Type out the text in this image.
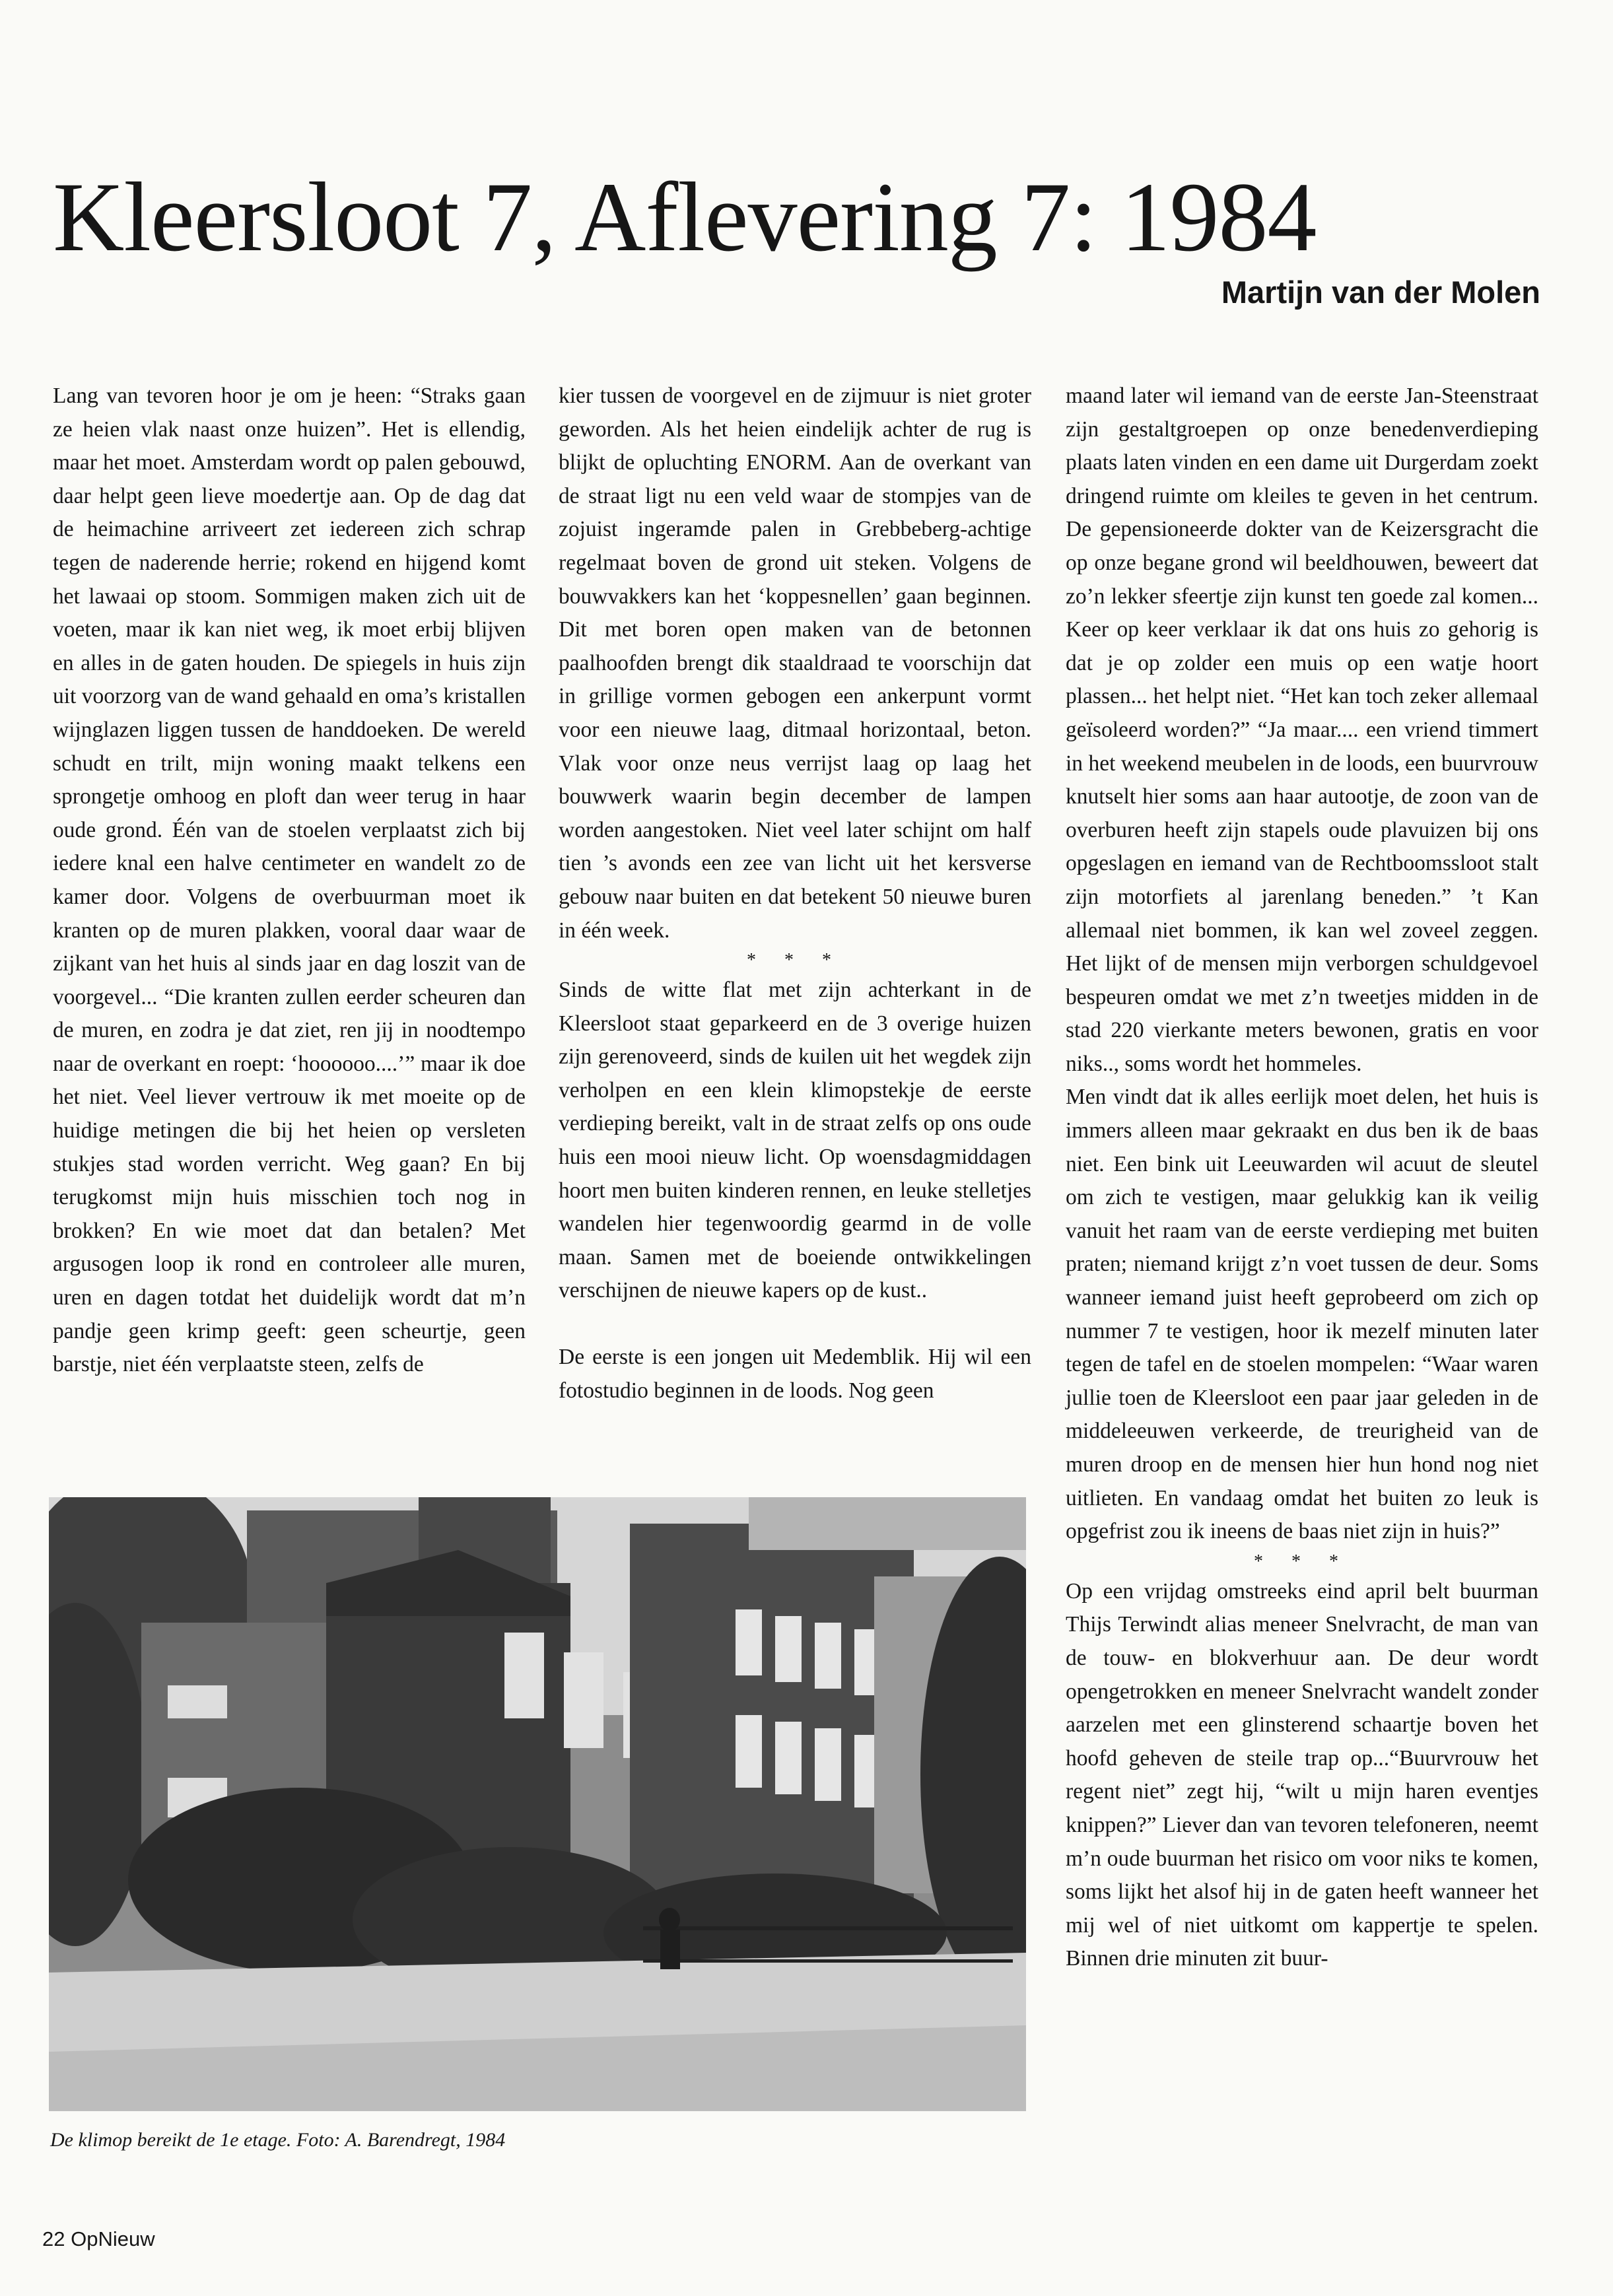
Kleersloot 7, Aflevering 7: 1984
Martijn van der Molen

Lang van tevoren hoor je om je heen: “Straks gaan ze heien vlak naast onze huizen”. Het is ellendig, maar het moet. Amsterdam wordt op palen gebouwd, daar helpt geen lieve moedertje aan. Op de dag dat de heimachine arriveert zet iedereen zich schrap tegen de naderende herrie; rokend en hijgend komt het lawaai op stoom. Sommigen maken zich uit de voeten, maar ik kan niet weg, ik moet erbij blijven en alles in de gaten houden. De spiegels in huis zijn uit voorzorg van de wand gehaald en oma’s kristallen wijnglazen liggen tussen de handdoeken. De wereld schudt en trilt, mijn woning maakt telkens een sprongetje omhoog en ploft dan weer terug in haar oude grond. Één van de stoelen verplaatst zich bij iedere knal een halve centimeter en wandelt zo de kamer door. Volgens de overbuurman moet ik kranten op de muren plakken, vooral daar waar de zijkant van het huis al sinds jaar en dag loszit van de voorgevel... “Die kranten zullen eerder scheuren dan de muren, en zodra je dat ziet, ren jij in noodtempo naar de overkant en roept: ‘hoooooo....’” maar ik doe het niet. Veel liever vertrouw ik met moeite op de huidige metingen die bij het heien op versleten stukjes stad worden verricht. Weg gaan? En bij terugkomst mijn huis misschien toch nog in brokken? En wie moet dat dan betalen? Met argusogen loop ik rond en controleer alle muren, uren en dagen totdat het duidelijk wordt dat m’n pandje geen krimp geeft: geen scheurtje, geen barstje, niet één verplaatste steen, zelfs de

kier tussen de voorgevel en de zijmuur is niet groter geworden. Als het heien eindelijk achter de rug is blijkt de opluchting ENORM. Aan de overkant van de straat ligt nu een veld waar de stompjes van de zojuist ingeramde palen in Grebbeberg-achtige regelmaat boven de grond uit steken. Volgens de bouwvakkers kan het ‘koppesnellen’ gaan beginnen. Dit met boren open maken van de betonnen paalhoofden brengt dik staaldraad te voorschijn dat in grillige vormen gebogen een ankerpunt vormt voor een nieuwe laag, ditmaal horizontaal, beton. Vlak voor onze neus verrijst laag op laag het bouwwerk waarin begin december de lampen worden aangestoken. Niet veel later schijnt om half tien ’s avonds een zee van licht uit het kersverse gebouw naar buiten en dat betekent 50 nieuwe buren in één week.

* * *

Sinds de witte flat met zijn achterkant in de Kleersloot staat geparkeerd en de 3 overige huizen zijn gerenoveerd, sinds de kuilen uit het wegdek zijn verholpen en een klein klimopstekje de eerste verdieping bereikt, valt in de straat zelfs op ons oude huis een mooi nieuw licht. Op woensdagmiddagen hoort men buiten kinderen rennen, en leuke stelletjes wandelen hier tegenwoordig gearmd in de volle maan. Samen met de boeiende ontwikkelingen verschijnen de nieuwe kapers op de kust..

De eerste is een jongen uit Medemblik. Hij wil een fotostudio beginnen in de loods. Nog geen

maand later wil iemand van de eerste Jan-Steenstraat zijn gestaltgroepen op onze benedenverdieping plaats laten vinden en een dame uit Durgerdam zoekt dringend ruimte om kleiles te geven in het centrum. De gepensioneerde dokter van de Keizersgracht die op onze begane grond wil beeldhouwen, beweert dat zo’n lekker sfeertje zijn kunst ten goede zal komen... Keer op keer verklaar ik dat ons huis zo gehorig is dat je op zolder een muis op een watje hoort plassen... het helpt niet. “Het kan toch zeker allemaal geïsoleerd worden?” “Ja maar.... een vriend timmert in het weekend meubelen in de loods, een buurvrouw knutselt hier soms aan haar autootje, de zoon van de overburen heeft zijn stapels oude plavuizen bij ons opgeslagen en iemand van de Rechtboomssloot stalt zijn motorfiets al jarenlang beneden.” ’t Kan allemaal niet bommen, ik kan wel zoveel zeggen. Het lijkt of de mensen mijn verborgen schuldgevoel bespeuren omdat we met z’n tweetjes midden in de stad 220 vierkante meters bewonen, gratis en voor niks.., soms wordt het hommeles.

Men vindt dat ik alles eerlijk moet delen, het huis is immers alleen maar gekraakt en dus ben ik de baas niet. Een bink uit Leeuwarden wil acuut de sleutel om zich te vestigen, maar gelukkig kan ik veilig vanuit het raam van de eerste verdieping met buiten praten; niemand krijgt z’n voet tussen de deur. Soms wanneer iemand juist heeft geprobeerd om zich op nummer 7 te vestigen, hoor ik mezelf minuten later tegen de tafel en de stoelen mompelen: “Waar waren jullie toen de Kleersloot een paar jaar geleden in de middeleeuwen verkeerde, de treurigheid van de muren droop en de mensen hier hun hond nog niet uitlieten. En vandaag omdat het buiten zo leuk is opgefrist zou ik ineens de baas niet zijn in huis?”

* * *

Op een vrijdag omstreeks eind april belt buurman Thijs Terwindt alias meneer Snelvracht, de man van de touw- en blokverhuur aan. De deur wordt opengetrokken en meneer Snelvracht wandelt zonder aarzelen met een glinsterend schaartje boven het hoofd geheven de steile trap op...“Buurvrouw het regent niet” zegt hij, “wilt u mijn haren eventjes knippen?” Liever dan van tevoren telefoneren, neemt m’n oude buurman het risico om voor niks te komen, soms lijkt het alsof hij in de gaten heeft wanneer het mij wel of niet uitkomt om kappertje te spelen. Binnen drie minuten zit buur-

De klimop bereikt de 1e etage. Foto: A. Barendregt, 1984
22 OpNieuw
